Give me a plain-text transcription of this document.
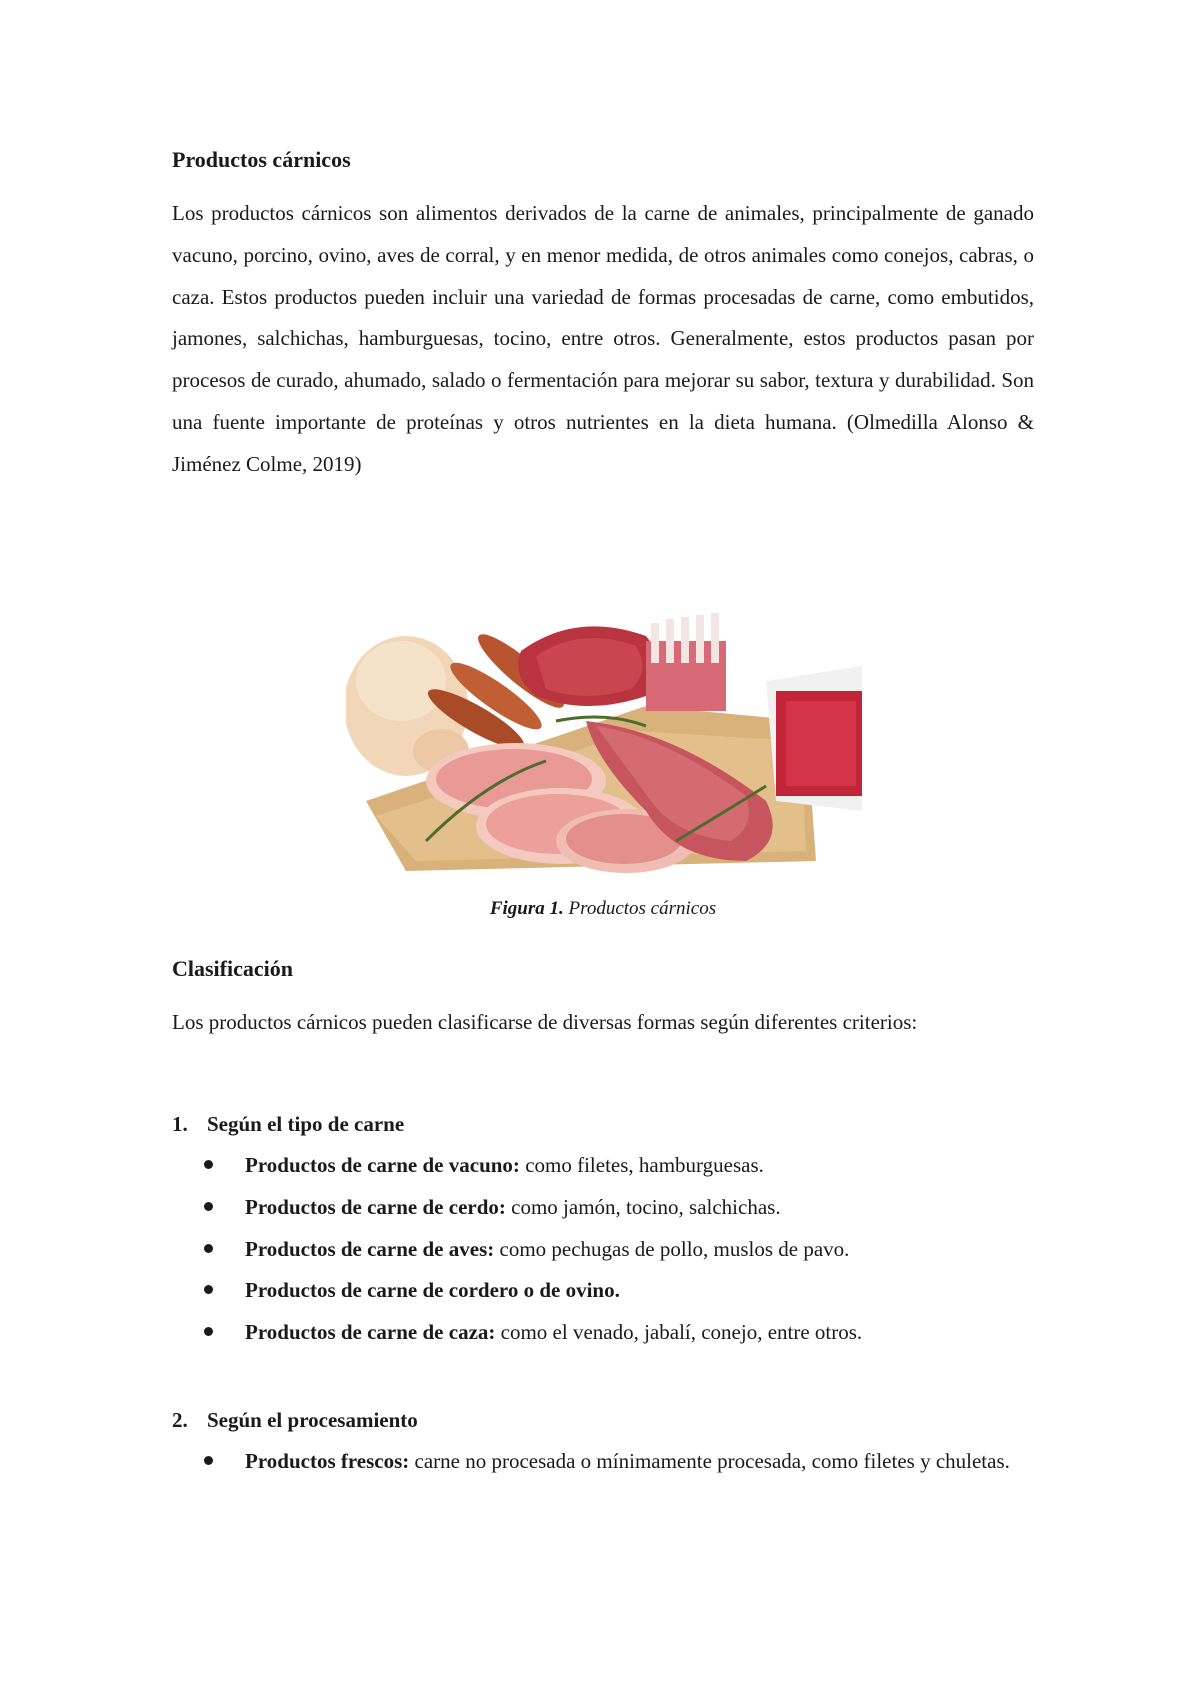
Productos cárnicos

Los productos cárnicos son alimentos derivados de la carne de animales, principalmente de ganado vacuno, porcino, ovino, aves de corral, y en menor medida, de otros animales como conejos, cabras, o caza. Estos productos pueden incluir una variedad de formas procesadas de carne, como embutidos, jamones, salchichas, hamburguesas, tocino, entre otros. Generalmente, estos productos pasan por procesos de curado, ahumado, salado o fermentación para mejorar su sabor, textura y durabilidad. Son una fuente importante de proteínas y otros nutrientes en la dieta humana. (Olmedilla Alonso & Jiménez Colme, 2019)

Figura 1. Productos cárnicos
Clasificación

Los productos cárnicos pueden clasificarse de diversas formas según diferentes criterios:

1. Según el tipo de carne
Productos de carne de vacuno: como filetes, hamburguesas.
Productos de carne de cerdo: como jamón, tocino, salchichas.
Productos de carne de aves: como pechugas de pollo, muslos de pavo.
Productos de carne de cordero o de ovino.
Productos de carne de caza: como el venado, jabalí, conejo, entre otros.
2. Según el procesamiento
Productos frescos: carne no procesada o mínimamente procesada, como filetes y chuletas.
